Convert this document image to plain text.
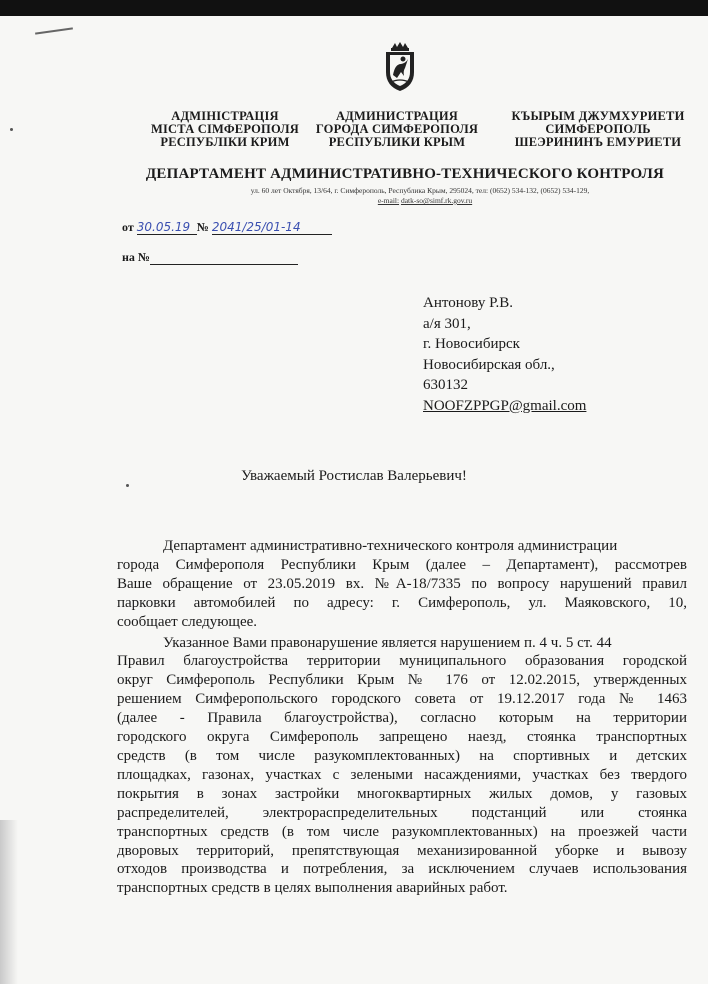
АДМІНІСТРАЦІЯ
МІСТА СІМФЕРОПОЛЯ
РЕСПУБЛІКИ КРИМ
АДМИНИСТРАЦИЯ
ГОРОДА СИМФЕРОПОЛЯ
РЕСПУБЛИКИ КРЫМ
КЪЫРЫМ ДЖУМХУРИЕТИ
СИМФЕРОПОЛЬ
ШЕЭРИНИНЪ ЕМУРИЕТИ
ДЕПАРТАМЕНТ АДМИНИСТРАТИВНО-ТЕХНИЧЕСКОГО КОНТРОЛЯ
ул. 60 лет Октября, 13/64, г. Симферополь, Республика Крым, 295024, тел: (0652) 534-132, (0652) 534-129,
e-mail: datk-so@simf.rk.gov.ru
от 30.05.19 № 2041/25/01-14
на №
Антонову Р.В.
а/я 301,
г. Новосибирск
Новосибирская обл.,
630132
NOOFZPPGP@gmail.com
Уважаемый Ростислав Валерьевич!
Департамент административно-технического контроля администрации
города Симферополя Республики Крым (далее – Департамент), рассмотрев
Ваше обращение от 23.05.2019 вх. №А-18/7335 по вопросу нарушений правил
парковки автомобилей по адресу: г. Симферополь, ул. Маяковского, 10,
сообщает следующее.
Указанное Вами правонарушение является нарушением п. 4 ч. 5 ст. 44
Правил благоустройства территории муниципального образования городской
округ Симферополь Республики Крым № 176 от 12.02.2015, утвержденных
решением Симферопольского городского совета от 19.12.2017 года № 1463
(далее - Правила благоустройства), согласно которым на территории
городского округа Симферополь запрещено наезд, стоянка транспортных
средств (в том числе разукомплектованных) на спортивных и детских
площадках, газонах, участках с зелеными насаждениями, участках без твердого
покрытия в зонах застройки многоквартирных жилых домов, у газовых
распределителей, электрораспределительных подстанций или стоянка
транспортных средств (в том числе разукомплектованных) на проезжей части
дворовых территорий, препятствующая механизированной уборке и вывозу
отходов производства и потребления, за исключением случаев использования
транспортных средств в целях выполнения аварийных работ.
